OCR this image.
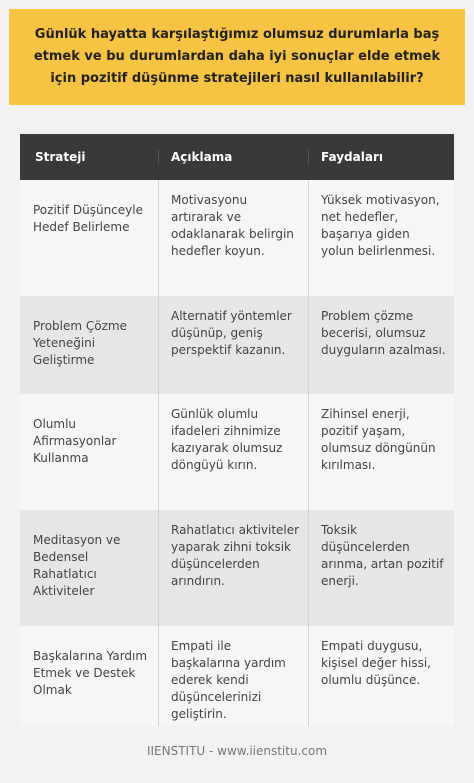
Günlük hayatta karşılaştığımız olumsuz durumlarla baş etmek ve bu durumlardan daha iyi sonuçlar elde etmek için pozitif düşünme stratejileri nasıl kullanılabilir?
Strateji	Açıklama	Faydaları
Pozitif Düşünceyle Hedef Belirleme
Motivasyonu artırarak ve odaklanarak belirgin hedefler koyun.
Yüksek motivasyon, net hedefler, başarıya giden yolun belirlenmesi.
Problem Çözme Yeteneğini Geliştirme
Alternatif yöntemler düşünüp, geniş perspektif kazanın.
Problem çözme becerisi, olumsuz duyguların azalması.
Olumlu Afirmasyonlar Kullanma
Günlük olumlu ifadeleri zihnimize kazıyarak olumsuz döngüyü kırın.
Zihinsel enerji, pozitif yaşam, olumsuz döngünün kırılması.
Meditasyon ve Bedensel Rahatlatıcı Aktiviteler
Rahatlatıcı aktiviteler yaparak zihni toksik düşüncelerden arındırın.
Toksik düşüncelerden arınma, artan pozitif enerji.
Başkalarına Yardım Etmek ve Destek Olmak
Empati ile başkalarına yardım ederek kendi düşüncelerinizi geliştirin.
Empati duygusu, kişisel değer hissi, olumlu düşünce.
IIENSTITU - www.iienstitu.com
